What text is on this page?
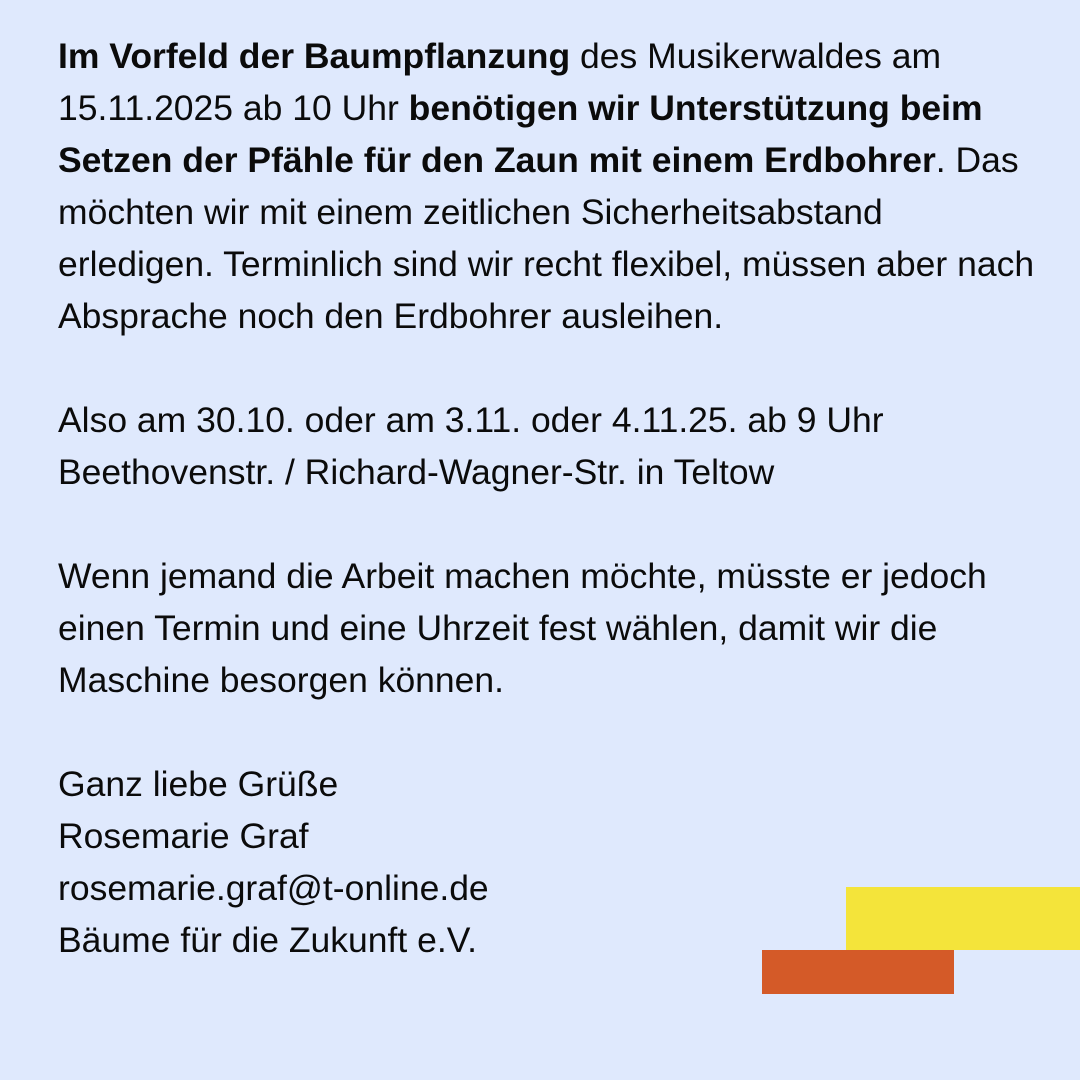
Im Vorfeld der Baumpflanzung des Musikerwaldes am 15.11.2025 ab 10 Uhr benötigen wir Unterstützung beim Setzen der Pfähle für den Zaun mit einem Erdbohrer. Das möchten wir mit einem zeitlichen Sicherheitsabstand erledigen. Terminlich sind wir recht flexibel, müssen aber nach Absprache noch den Erdbohrer ausleihen.

Also am 30.10. oder am 3.11. oder 4.11.25. ab 9 Uhr
Beethovenstr. / Richard-Wagner-Str. in Teltow

Wenn jemand die Arbeit machen möchte, müsste er jedoch einen Termin und eine Uhrzeit fest wählen, damit wir die Maschine besorgen können.

Ganz liebe Grüße
Rosemarie Graf
rosemarie.graf@t-online.de
Bäume für die Zukunft e.V.
